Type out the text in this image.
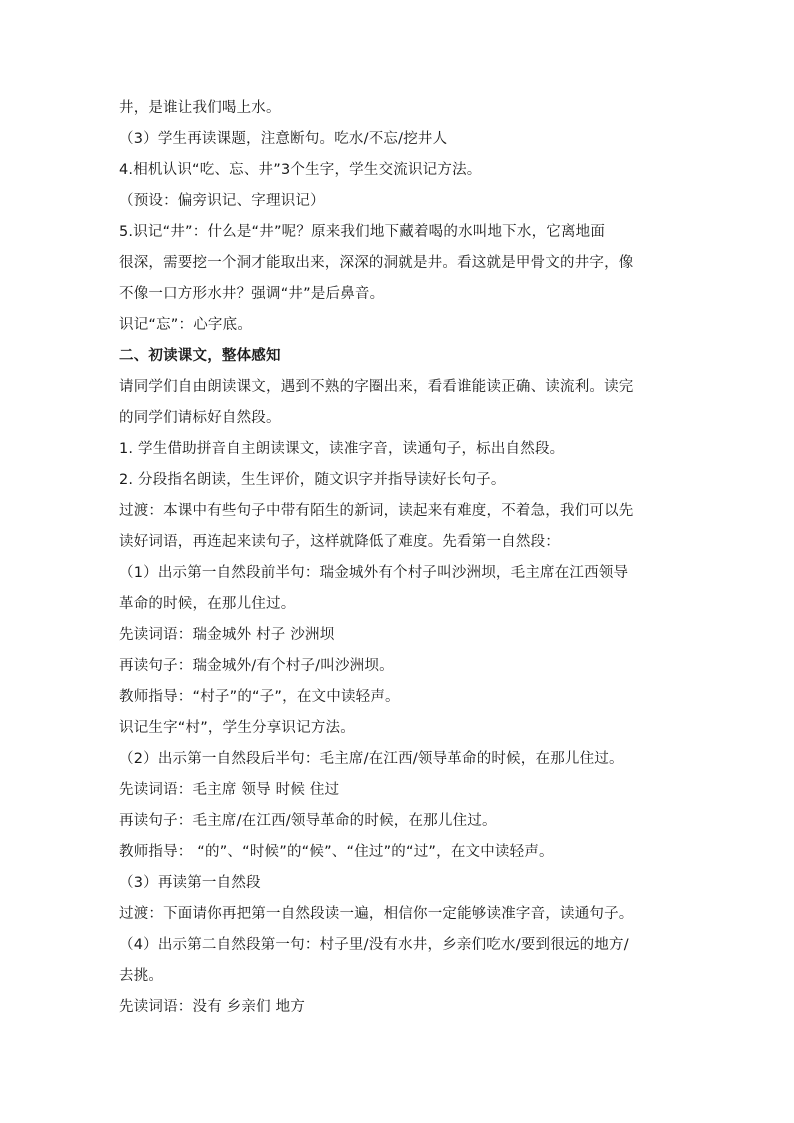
井，是谁让我们喝上水。
（3）学生再读课题，注意断句。吃水/不忘/挖井人
4.相机认识“吃、忘、井”3个生字，学生交流识记方法。
（预设：偏旁识记、字理识记）
5.识记“井”：什么是“井”呢？原来我们地下藏着喝的水叫地下水，它离地面
很深，需要挖一个洞才能取出来，深深的洞就是井。看这就是甲骨文的井字，像
不像一口方形水井？强调“井”是后鼻音。
识记“忘”：心字底。
二、初读课文，整体感知
请同学们自由朗读课文，遇到不熟的字圈出来，看看谁能读正确、读流利。读完
的同学们请标好自然段。
1. 学生借助拼音自主朗读课文，读准字音，读通句子，标出自然段。
2. 分段指名朗读，生生评价，随文识字并指导读好长句子。
过渡：本课中有些句子中带有陌生的新词，读起来有难度，不着急，我们可以先
读好词语，再连起来读句子，这样就降低了难度。先看第一自然段：
（1）出示第一自然段前半句：瑞金城外有个村子叫沙洲坝，毛主席在江西领导
革命的时候，在那儿住过。
先读词语：瑞金城外 村子 沙洲坝
再读句子：瑞金城外/有个村子/叫沙洲坝。
教师指导：“村子”的“子”，在文中读轻声。
识记生字“村”，学生分享识记方法。
（2）出示第一自然段后半句：毛主席/在江西/领导革命的时候，在那儿住过。
先读词语：毛主席 领导 时候 住过
再读句子：毛主席/在江西/领导革命的时候，在那儿住过。
教师指导： “的”、“时候”的“候”、“住过”的“过”，在文中读轻声。
（3）再读第一自然段
过渡：下面请你再把第一自然段读一遍，相信你一定能够读准字音，读通句子。
（4）出示第二自然段第一句：村子里/没有水井，乡亲们吃水/要到很远的地方/
去挑。
先读词语：没有 乡亲们 地方
